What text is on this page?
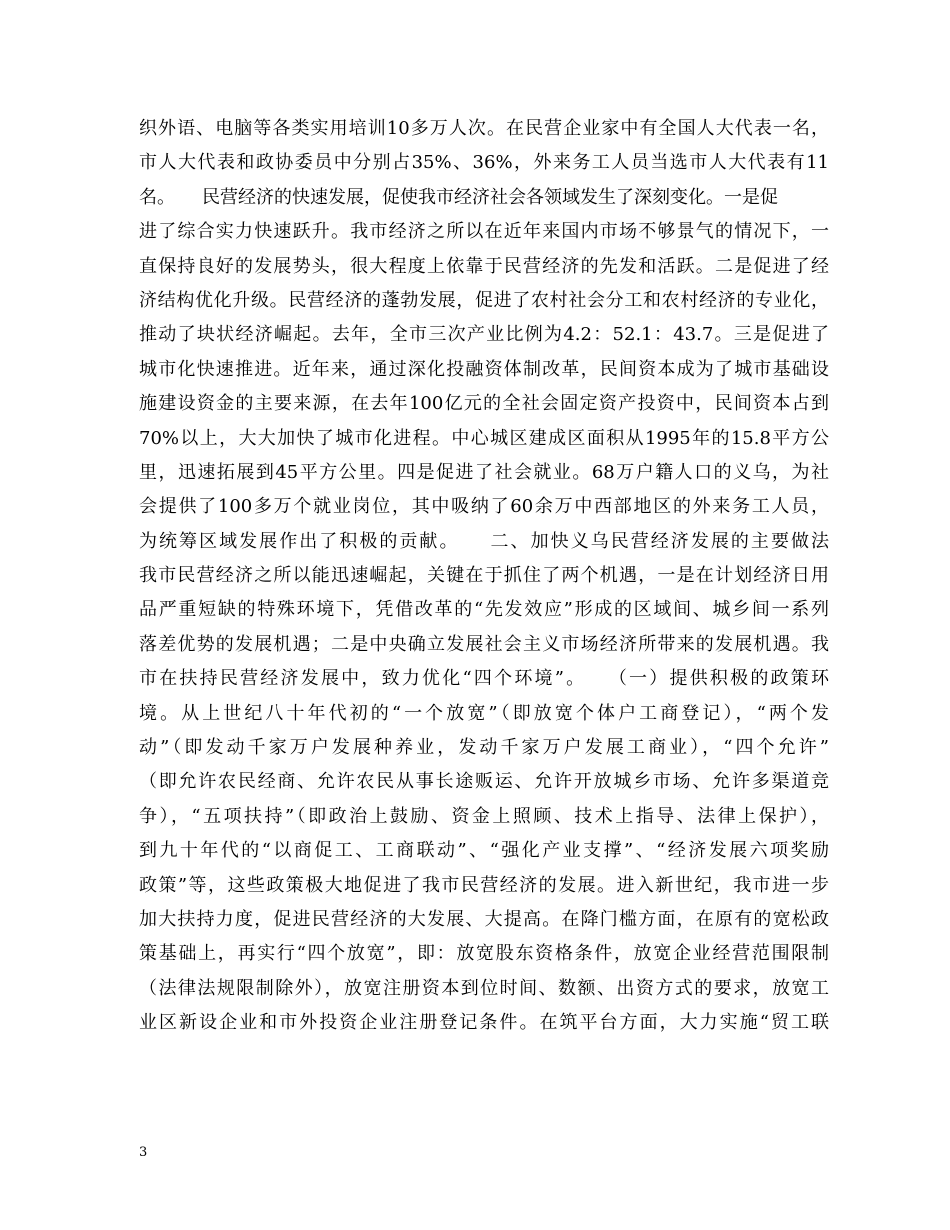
织外语、电脑等各类实用培训10多万人次。在民营企业家中有全国人大代表一名，
市人大代表和政协委员中分别占35%、36%，外来务工人员当选市人大代表有11
名。　　民营经济的快速发展，促使我市经济社会各领域发生了深刻变化。一是促
进了综合实力快速跃升。我市经济之所以在近年来国内市场不够景气的情况下，一
直保持良好的发展势头，很大程度上依靠于民营经济的先发和活跃。二是促进了经
济结构优化升级。民营经济的蓬勃发展，促进了农村社会分工和农村经济的专业化，
推动了块状经济崛起。去年，全市三次产业比例为4.2：52.1：43.7。三是促进了
城市化快速推进。近年来，通过深化投融资体制改革，民间资本成为了城市基础设
施建设资金的主要来源，在去年100亿元的全社会固定资产投资中，民间资本占到
70%以上，大大加快了城市化进程。中心城区建成区面积从1995年的15.8平方公
里，迅速拓展到45平方公里。四是促进了社会就业。68万户籍人口的义乌，为社
会提供了100多万个就业岗位，其中吸纳了60余万中西部地区的外来务工人员，
为统筹区域发展作出了积极的贡献。　　二、加快义乌民营经济发展的主要做法
我市民营经济之所以能迅速崛起，关键在于抓住了两个机遇，一是在计划经济日用
品严重短缺的特殊环境下，凭借改革的“先发效应”形成的区域间、城乡间一系列
落差优势的发展机遇；二是中央确立发展社会主义市场经济所带来的发展机遇。我
市在扶持民营经济发展中，致力优化“四个环境”。　　（一）提供积极的政策环
境。从上世纪八十年代初的“一个放宽”（即放宽个体户工商登记），“两个发
动”（即发动千家万户发展种养业，发动千家万户发展工商业），“四个允许”
（即允许农民经商、允许农民从事长途贩运、允许开放城乡市场、允许多渠道竞
争），“五项扶持”（即政治上鼓励、资金上照顾、技术上指导、法律上保护），
到九十年代的“以商促工、工商联动”、“强化产业支撑”、“经济发展六项奖励
政策”等，这些政策极大地促进了我市民营经济的发展。进入新世纪，我市进一步
加大扶持力度，促进民营经济的大发展、大提高。在降门槛方面，在原有的宽松政
策基础上，再实行“四个放宽”，即：放宽股东资格条件，放宽企业经营范围限制
（法律法规限制除外），放宽注册资本到位时间、数额、出资方式的要求，放宽工
业区新设企业和市外投资企业注册登记条件。在筑平台方面，大力实施“贸工联
3
